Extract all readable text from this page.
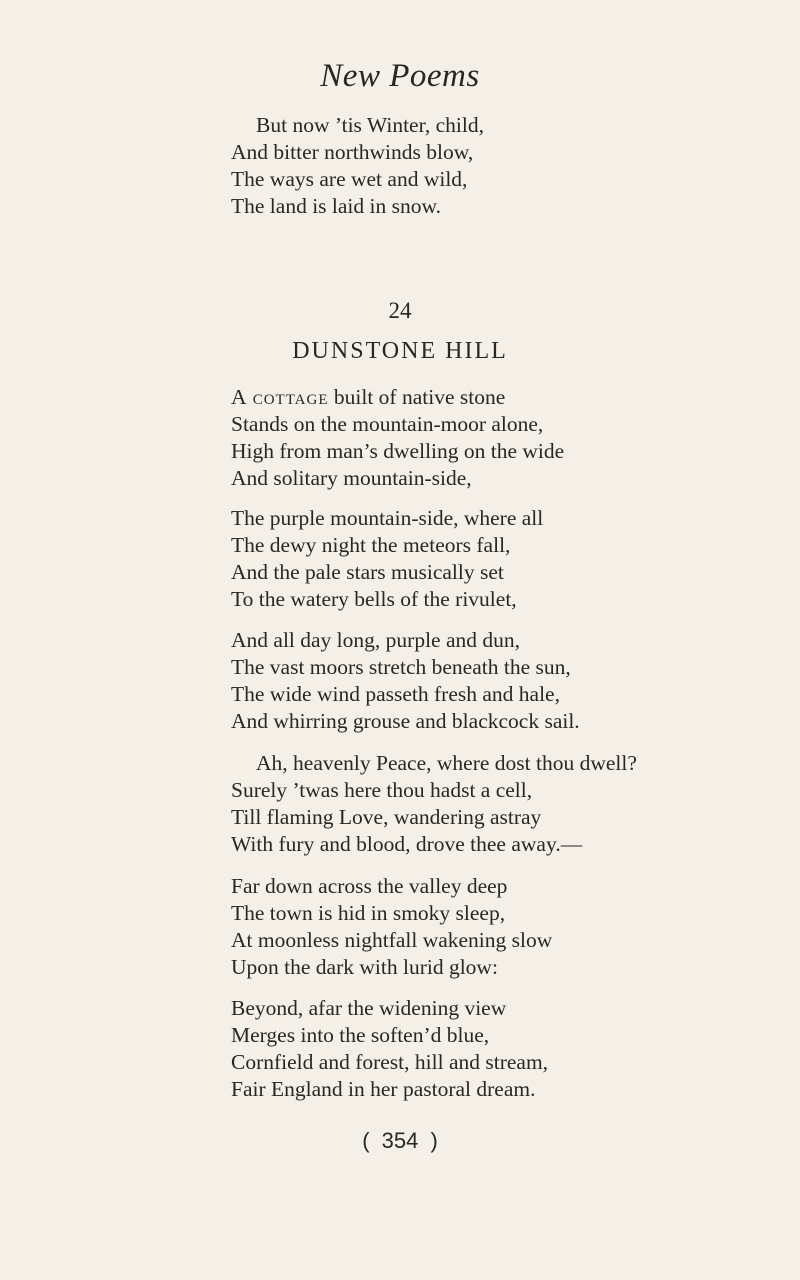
New Poems
But now ’tis Winter, child,
And bitter northwinds blow,
The ways are wet and wild,
The land is laid in snow.
24
DUNSTONE HILL
A cottage built of native stone
Stands on the mountain-moor alone,
High from man’s dwelling on the wide
And solitary mountain-side,
The purple mountain-side, where all
The dewy night the meteors fall,
And the pale stars musically set
To the watery bells of the rivulet,
And all day long, purple and dun,
The vast moors stretch beneath the sun,
The wide wind passeth fresh and hale,
And whirring grouse and blackcock sail.
Ah, heavenly Peace, where dost thou dwell?
Surely ’twas here thou hadst a cell,
Till flaming Love, wandering astray
With fury and blood, drove thee away.—
Far down across the valley deep
The town is hid in smoky sleep,
At moonless nightfall wakening slow
Upon the dark with lurid glow:
Beyond, afar the widening view
Merges into the soften’d blue,
Cornfield and forest, hill and stream,
Fair England in her pastoral dream.
( 354 )
